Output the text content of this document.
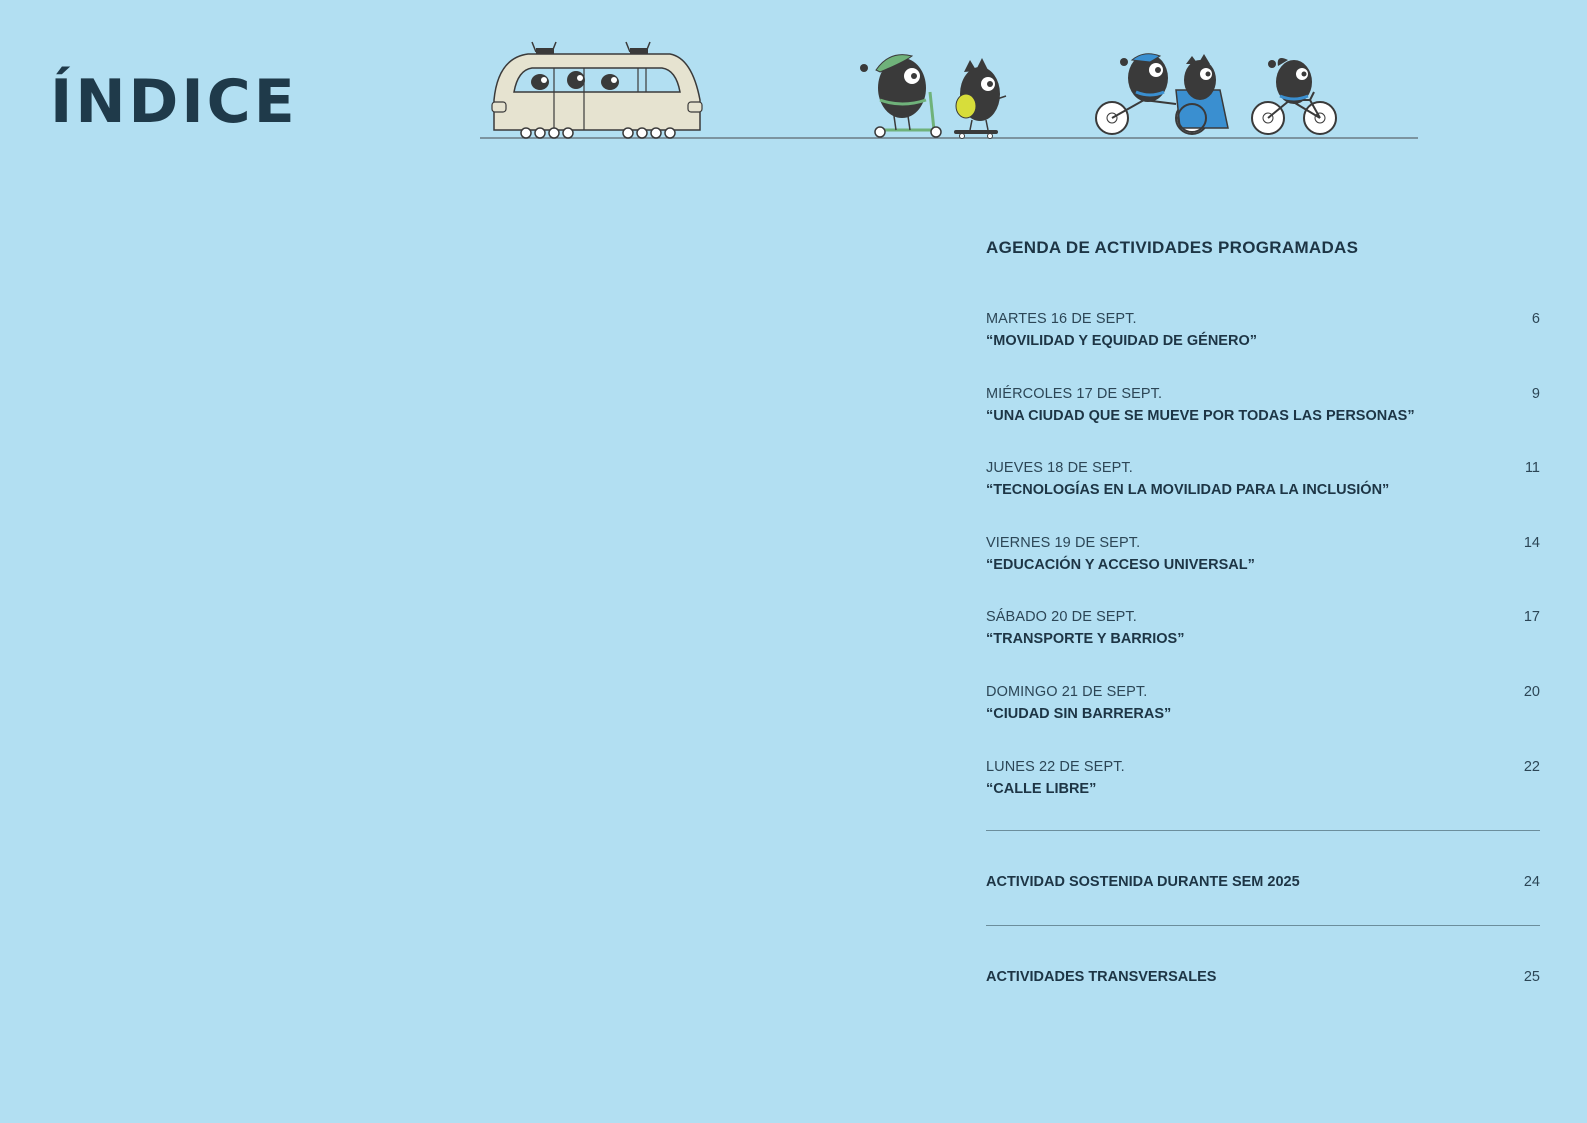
ÍNDICE
AGENDA DE ACTIVIDADES PROGRAMADAS
MARTES 16 DE SEPT.
“MOVILIDAD Y EQUIDAD DE GÉNERO”
6
MIÉRCOLES 17 DE SEPT.
“UNA CIUDAD QUE SE MUEVE POR TODAS LAS PERSONAS”
9
JUEVES 18 DE SEPT.
“TECNOLOGÍAS EN LA MOVILIDAD PARA LA INCLUSIÓN”
11
VIERNES 19 DE SEPT.
“EDUCACIÓN Y ACCESO UNIVERSAL”
14
SÁBADO 20 DE SEPT.
“TRANSPORTE Y BARRIOS”
17
DOMINGO 21 DE SEPT.
“CIUDAD SIN BARRERAS”
20
LUNES 22 DE SEPT.
“CALLE LIBRE”
22
ACTIVIDAD SOSTENIDA DURANTE SEM 2025	24
ACTIVIDADES TRANSVERSALES	25
